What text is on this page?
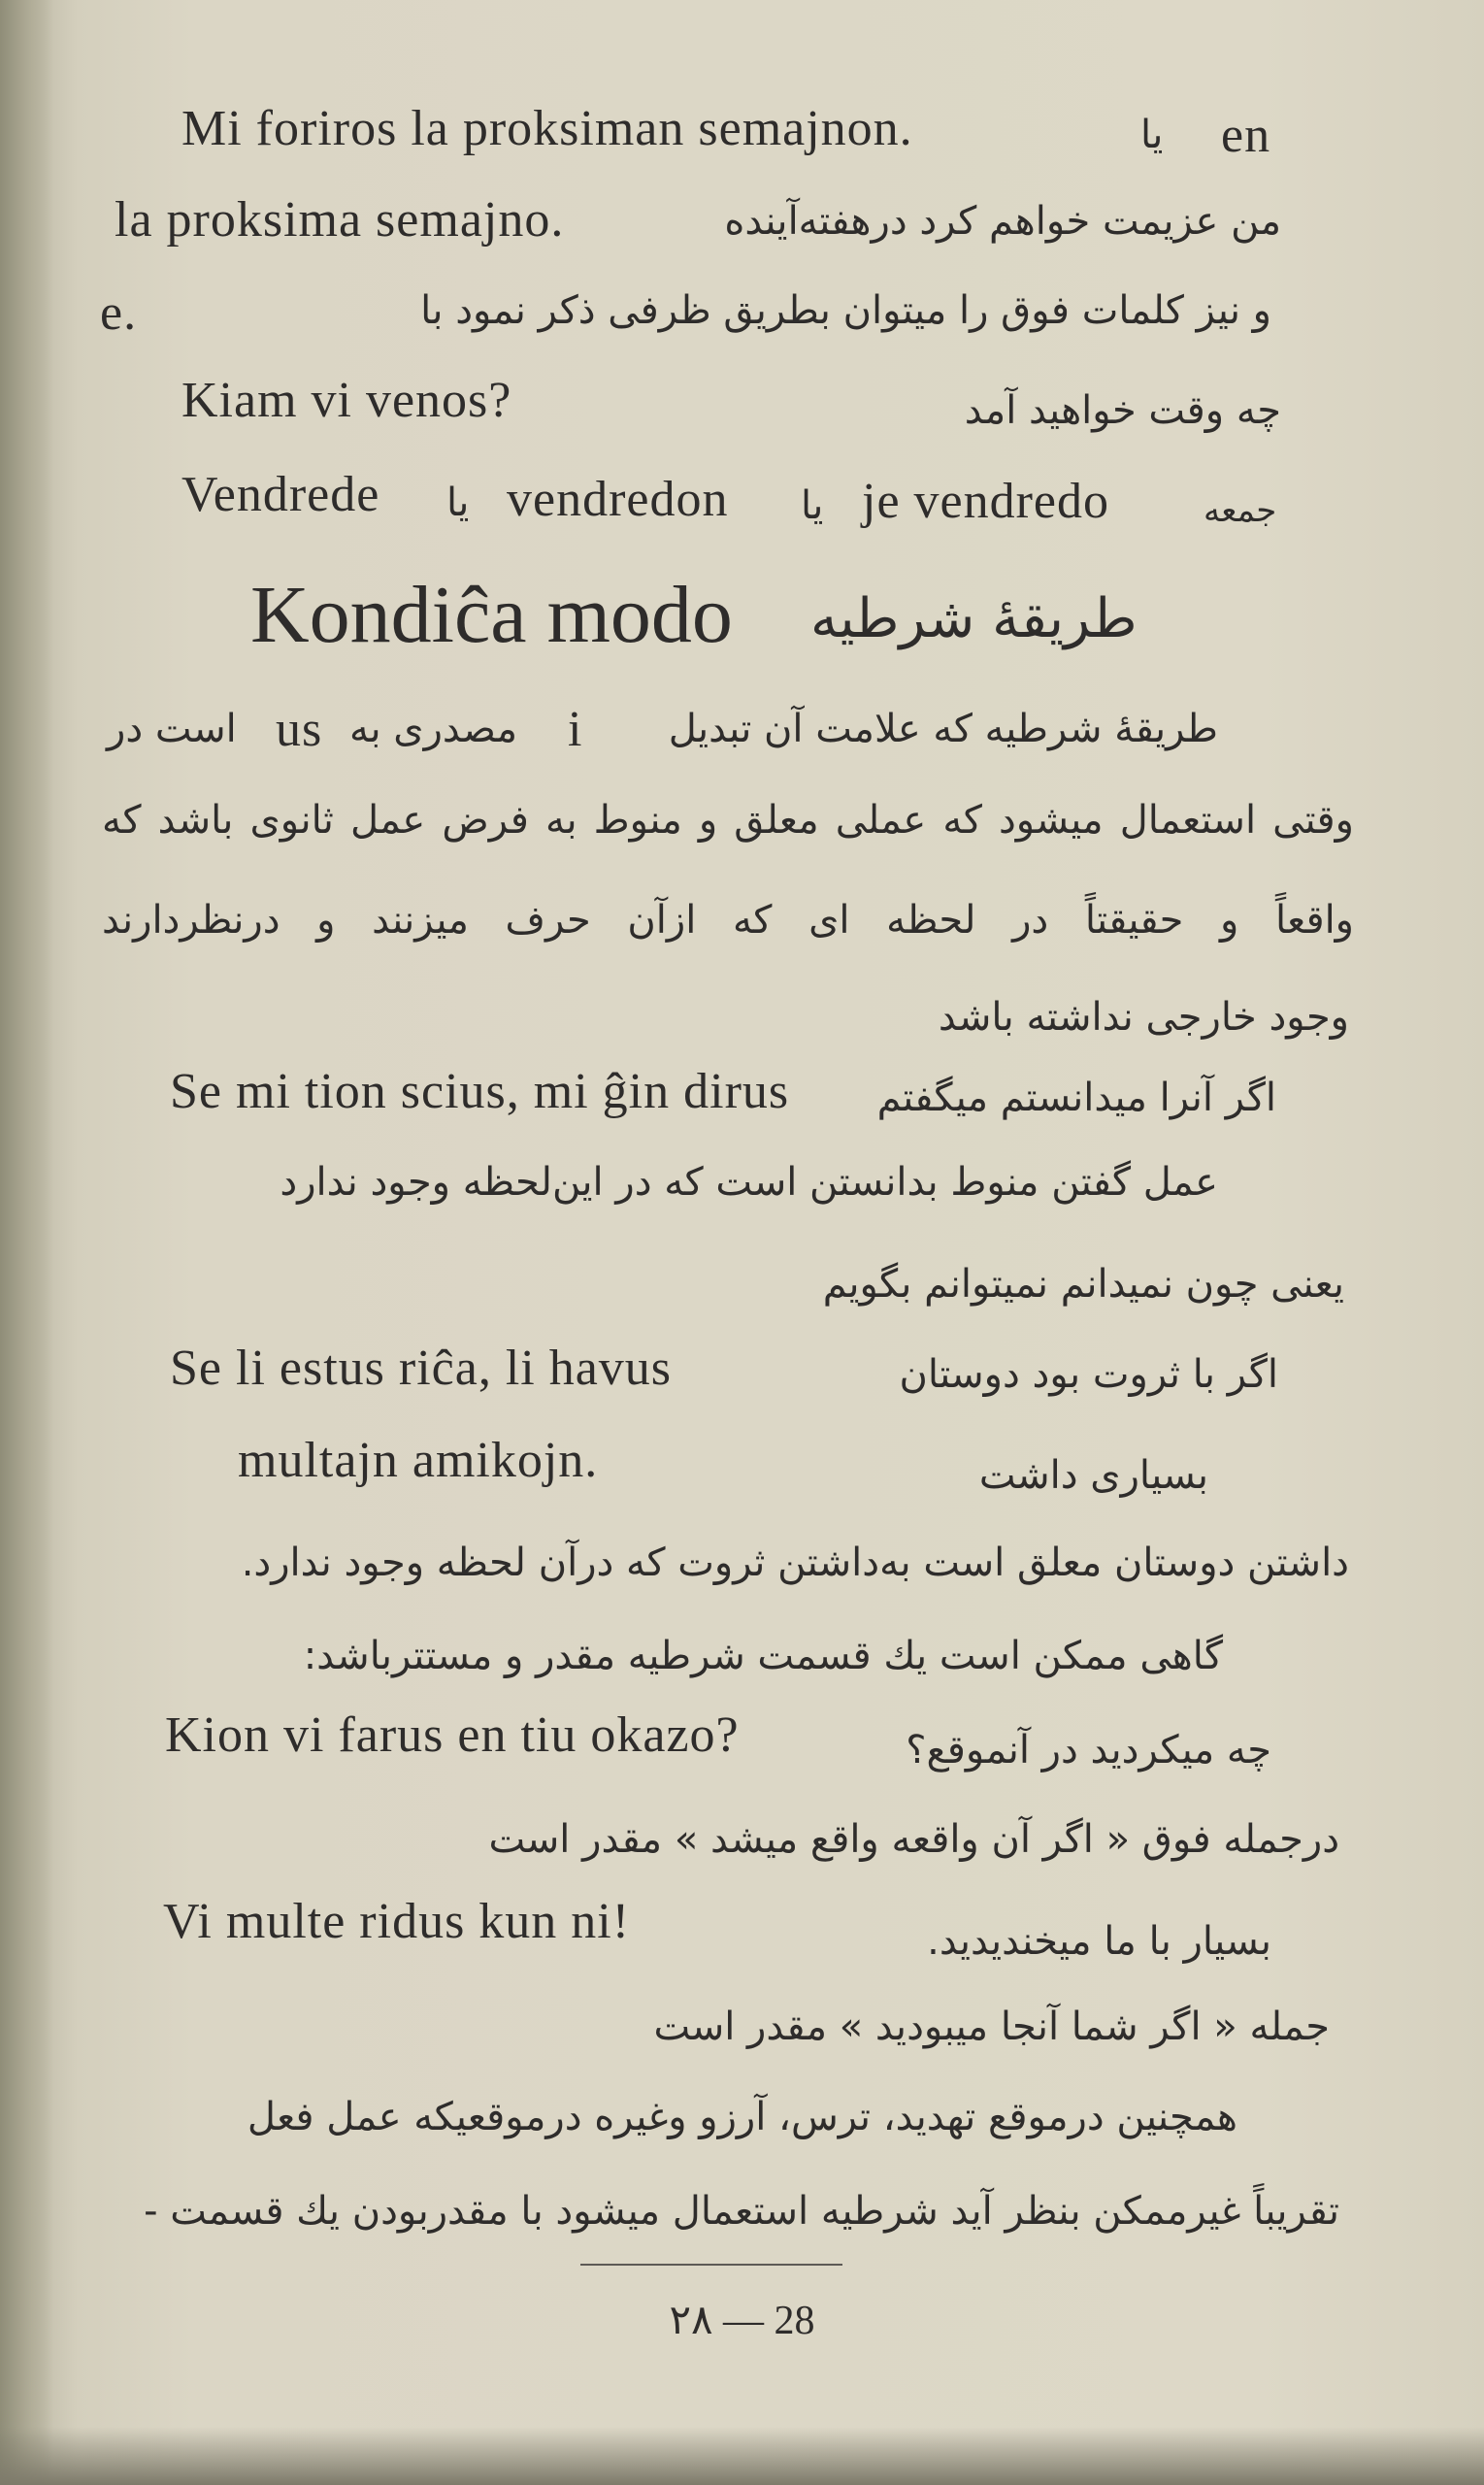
Mi foriros la proksiman semajnon.	یا en
la proksima semajno.	من عزیمت خواهم کرد درهفته‌آینده
و نیز کلمات فوق را میتوان بطریق ظرفی ذکر نمود با
e.
Kiam vi venos?	چه وقت خواهید آمد
Vendrede یا vendredon یا je vendredo	جمعه
Kondiĉa modo طریقهٔ شرطیه
طریقهٔ شرطیه که علامت آن تبدیل
i
مصدری به
us
است در
وقتی استعمال میشود که عملی معلق و منوط به فرض عمل ثانوی باشد که
واقعاً و حقیقتاً در لحظه ای که ازآن حرف میزنند و درنظردارند
وجود خارجی نداشته باشد
Se mi tion scius, mi ĝin dirus اگر آنرا میدانستم میگفتم
عمل گفتن منوط بدانستن است که در این‌لحظه وجود ندارد
یعنی چون نمیدانم نمیتوانم بگویم
Se li estus riĉa, li havus	اگر با ثروت بود دوستان
multajn amikojn.	بسیاری داشت
داشتن دوستان معلق است به‌داشتن ثروت که درآن لحظه وجود ندارد.
گاهی ممکن است یك قسمت شرطیه مقدر و مستترباشد:
Kion vi farus en tiu okazo?	چه میکردید در آنموقع؟
درجمله فوق « اگر آن واقعه واقع میشد » مقدر است
Vi multe ridus kun ni!	بسیار با ما میخندیدید.
جمله « اگر شما آنجا میبودید » مقدر است
همچنین درموقع تهدید، ترس، آرزو وغیره درموقعیکه عمل فعل
تقریباً غیرممکن بنظر آید شرطیه استعمال میشود با مقدربودن یك قسمت -
۲۸ — 28
